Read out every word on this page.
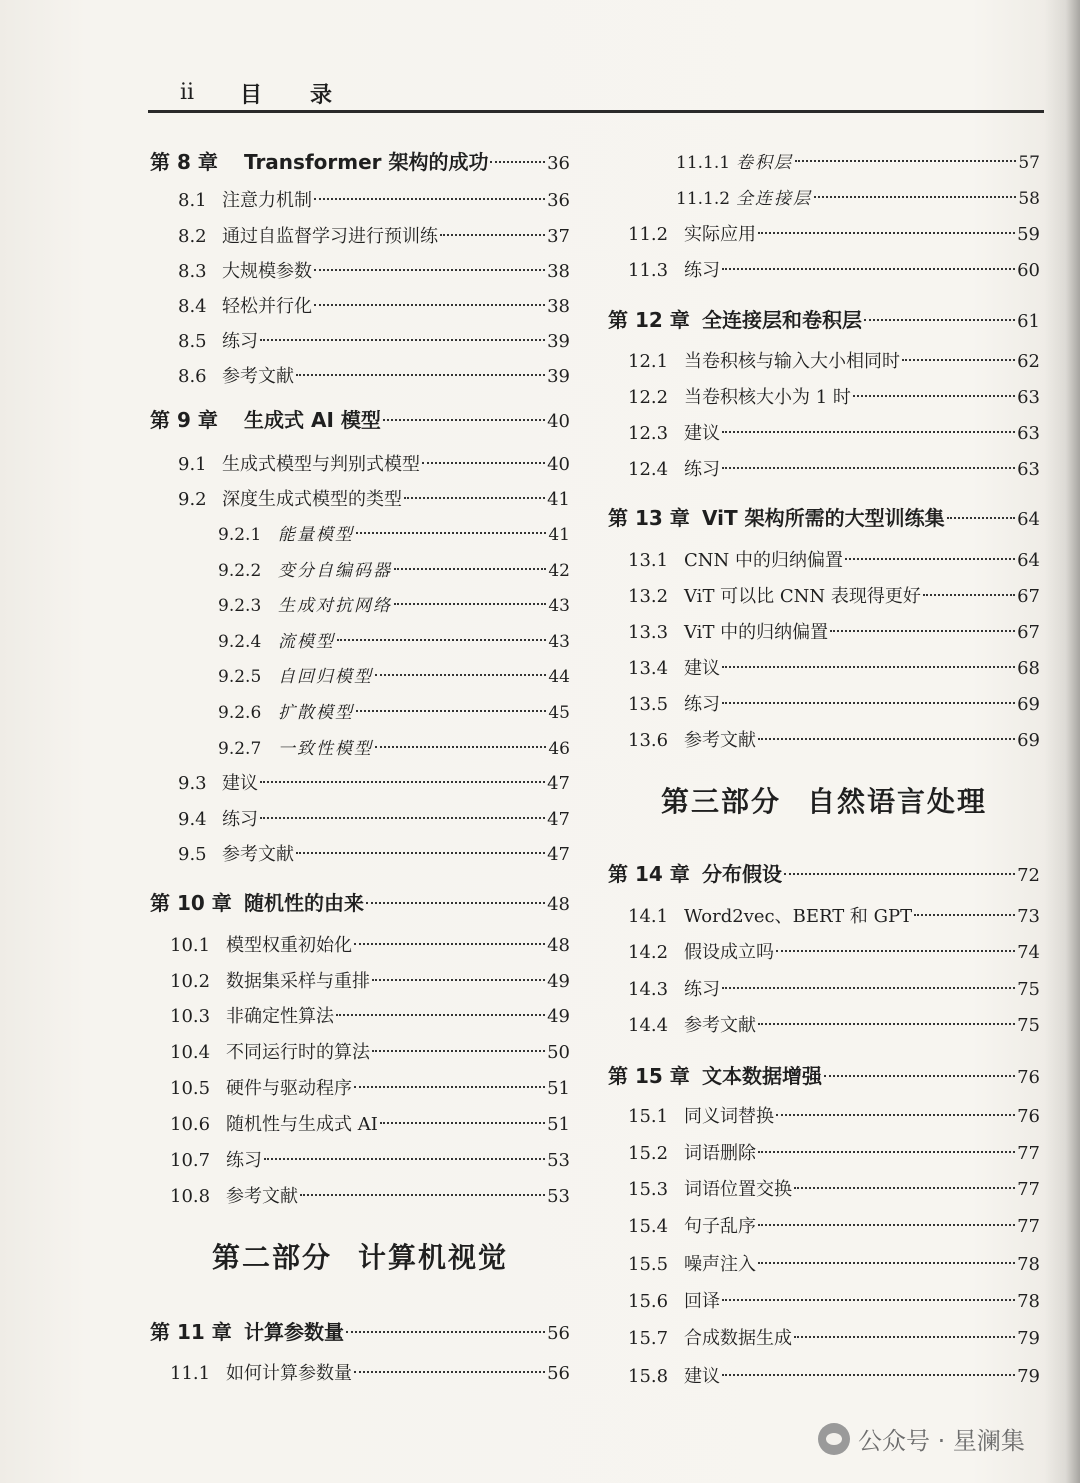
ii 目录
第 8 章	Transformer 架构的成功	36
8.1 注意力机制	36
8.2 通过自监督学习进行预训练	37
8.3 大规模参数	38
8.4 轻松并行化	38
8.5 练习	39
8.6 参考文献	39
第 9 章	生成式 AI 模型	40
9.1 生成式模型与判别式模型	40
9.2 深度生成式模型的类型	41
9.2.1 能量模型	41
9.2.2 变分自编码器	42
9.2.3 生成对抗网络	43
9.2.4 流模型	43
9.2.5 自回归模型	44
9.2.6 扩散模型	45
9.2.7 一致性模型	46
9.3 建议	47
9.4 练习	47
9.5 参考文献	47
第 10 章 随机性的由来	48
10.1 模型权重初始化	48
10.2 数据集采样与重排	49
10.3 非确定性算法	49
10.4 不同运行时的算法	50
10.5 硬件与驱动程序	51
10.6 随机性与生成式 AI	51
10.7 练习	53
10.8 参考文献	53
第二部分 计算机视觉
第 11 章 计算参数量	56
11.1 如何计算参数量	56
11.1.1 卷积层	57
11.1.2 全连接层	58
11.2 实际应用	59
11.3 练习	60
第 12 章 全连接层和卷积层	61
12.1 当卷积核与输入大小相同时	62
12.2 当卷积核大小为 1 时	63
12.3 建议	63
12.4 练习	63
第 13 章 ViT 架构所需的大型训练集	64
13.1 CNN 中的归纳偏置	64
13.2 ViT 可以比 CNN 表现得更好	67
13.3 ViT 中的归纳偏置	67
13.4 建议	68
13.5 练习	69
13.6 参考文献	69
第三部分 自然语言处理
第 14 章 分布假设	72
14.1 Word2vec、BERT 和 GPT	73
14.2 假设成立吗	74
14.3 练习	75
14.4 参考文献	75
第 15 章 文本数据增强	76
15.1 同义词替换	76
15.2 词语删除	77
15.3 词语位置交换	77
15.4 句子乱序	77
15.5 噪声注入	78
15.6 回译	78
15.7 合成数据生成	79
15.8 建议	79
公众号 · 星澜集
